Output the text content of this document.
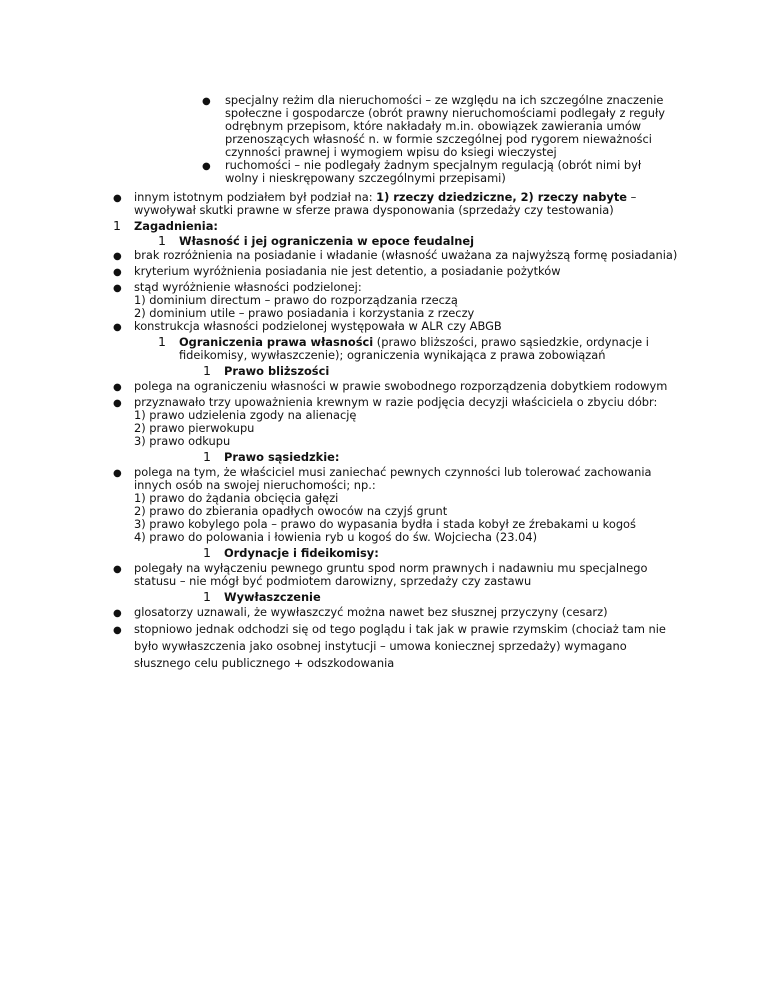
● specjalny reżim dla nieruchomości – ze względu na ich szczególne znaczenie
społeczne i gospodarcze (obrót prawny nieruchomościami podlegały z reguły
odrębnym przepisom, które nakładały m.in. obowiązek zawierania umów
przenoszących własność n. w formie szczególnej pod rygorem nieważności
czynności prawnej i wymogiem wpisu do ksiegi wieczystej
● ruchomości – nie podlegały żadnym specjalnym regulacją (obrót nimi był
wolny i nieskrępowany szczególnymi przepisami)
● innym istotnym podziałem był podział na: 1) rzeczy dziedziczne, 2) rzeczy nabyte –
wywoływał skutki prawne w sferze prawa dysponowania (sprzedaży czy testowania)
1 Zagadnienia:
1 Własność i jej ograniczenia w epoce feudalnej
● brak rozróżnienia na posiadanie i władanie (własność uważana za najwyższą formę posiadania)
● kryterium wyróżnienia posiadania nie jest detentio, a posiadanie pożytków
● stąd wyróżnienie własności podzielonej:
1) dominium directum – prawo do rozporządzania rzeczą
2) dominium utile – prawo posiadania i korzystania z rzeczy
● konstrukcja własności podzielonej występowała w ALR czy ABGB
1 Ograniczenia prawa własności (prawo bliższości, prawo sąsiedzkie, ordynacje i
fideikomisy, wywłaszczenie); ograniczenia wynikająca z prawa zobowiązań
1 Prawo bliższości
● polega na ograniczeniu własności w prawie swobodnego rozporządzenia dobytkiem rodowym
● przyznawało trzy upoważnienia krewnym w razie podjęcia decyzji właściciela o zbyciu dóbr:
1) prawo udzielenia zgody na alienację
2) prawo pierwokupu
3) prawo odkupu
1 Prawo sąsiedzkie:
● polega na tym, że właściciel musi zaniechać pewnych czynności lub tolerować zachowania
innych osób na swojej nieruchomości; np.:
1) prawo do żądania obcięcia gałęzi
2) prawo do zbierania opadłych owoców na czyjś grunt
3) prawo kobylego pola – prawo do wypasania bydła i stada kobył ze źrebakami u kogoś
4) prawo do polowania i łowienia ryb u kogoś do św. Wojciecha (23.04)
1 Ordynacje i fideikomisy:
● polegały na wyłączeniu pewnego gruntu spod norm prawnych i nadawniu mu specjalnego
statusu – nie mógł być podmiotem darowizny, sprzedaży czy zastawu
1 Wywłaszczenie
● glosatorzy uznawali, że wywłaszczyć można nawet bez słusznej przyczyny (cesarz)
● stopniowo jednak odchodzi się od tego poglądu i tak jak w prawie rzymskim (chociaż tam nie
było wywłaszczenia jako osobnej instytucji – umowa koniecznej sprzedaży) wymagano
słusznego celu publicznego + odszkodowania
